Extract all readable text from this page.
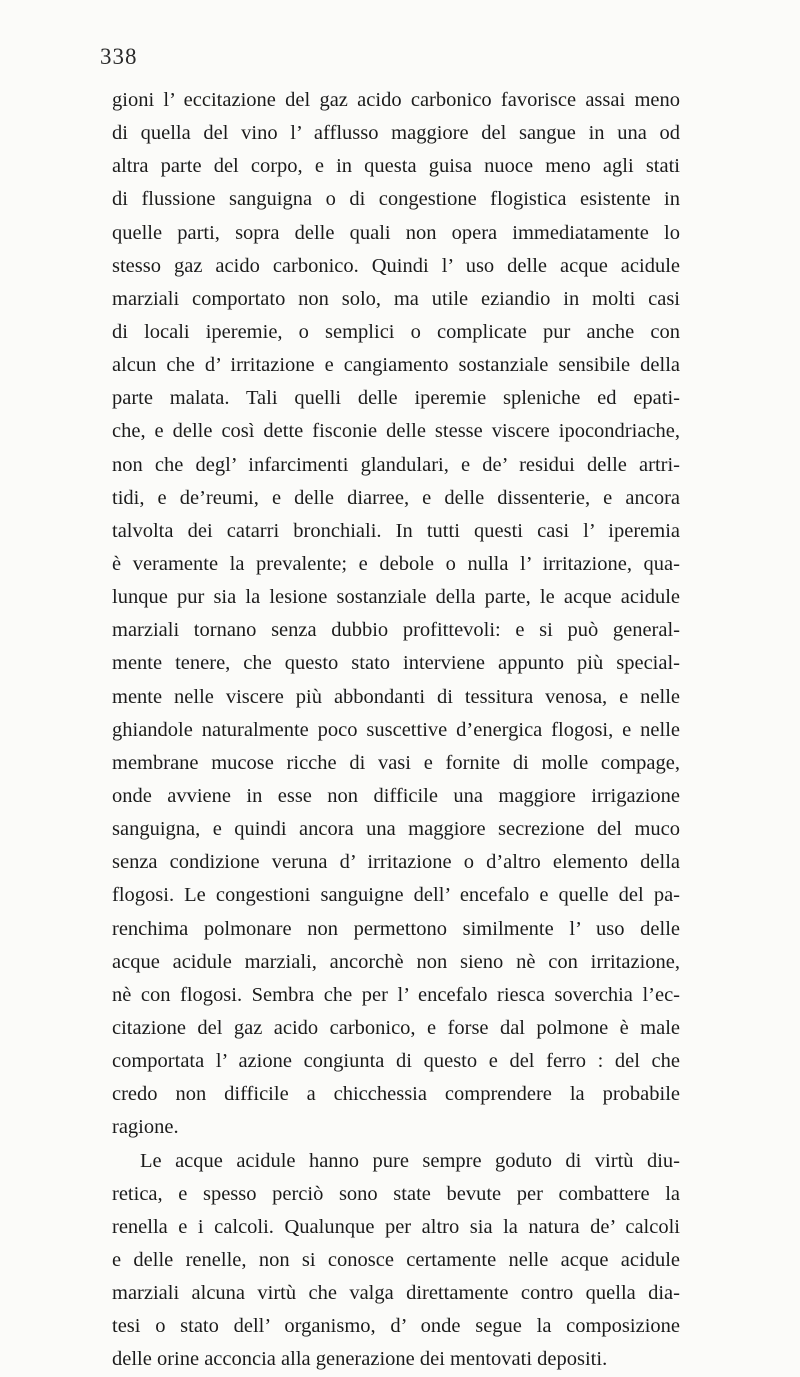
338
gioni l’ eccitazione del gaz acido carbonico favorisce assai meno
di quella del vino l’ afflusso maggiore del sangue in una od
altra parte del corpo, e in questa guisa nuoce meno agli stati
di flussione sanguigna o di congestione flogistica esistente in
quelle parti, sopra delle quali non opera immediatamente lo
stesso gaz acido carbonico. Quindi l’ uso delle acque acidule
marziali comportato non solo, ma utile eziandio in molti casi
di locali iperemie, o semplici o complicate pur anche con
alcun che d’ irritazione e cangiamento sostanziale sensibile della
parte malata. Tali quelli delle iperemie spleniche ed epati-
che, e delle così dette fisconie delle stesse viscere ipocondriache,
non che degl’ infarcimenti glandulari, e de’ residui delle artri-
tidi, e de’reumi, e delle diarree, e delle dissenterie, e ancora
talvolta dei catarri bronchiali. In tutti questi casi l’ iperemia
è veramente la prevalente; e debole o nulla l’ irritazione, qua-
lunque pur sia la lesione sostanziale della parte, le acque acidule
marziali tornano senza dubbio profittevoli: e si può general-
mente tenere, che questo stato interviene appunto più special-
mente nelle viscere più abbondanti di tessitura venosa, e nelle
ghiandole naturalmente poco suscettive d’energica flogosi, e nelle
membrane mucose ricche di vasi e fornite di molle compage,
onde avviene in esse non difficile una maggiore irrigazione
sanguigna, e quindi ancora una maggiore secrezione del muco
senza condizione veruna d’ irritazione o d’altro elemento della
flogosi. Le congestioni sanguigne dell’ encefalo e quelle del pa-
renchima polmonare non permettono similmente l’ uso delle
acque acidule marziali, ancorchè non sieno nè con irritazione,
nè con flogosi. Sembra che per l’ encefalo riesca soverchia l’ec-
citazione del gaz acido carbonico, e forse dal polmone è male
comportata l’ azione congiunta di questo e del ferro : del che
credo non difficile a chicchessia comprendere la probabile
ragione.
Le acque acidule hanno pure sempre goduto di virtù diu-
retica, e spesso perciò sono state bevute per combattere la
renella e i calcoli. Qualunque per altro sia la natura de’ calcoli
e delle renelle, non si conosce certamente nelle acque acidule
marziali alcuna virtù che valga direttamente contro quella dia-
tesi o stato dell’ organismo, d’ onde segue la composizione
delle orine acconcia alla generazione dei mentovati depositi.
